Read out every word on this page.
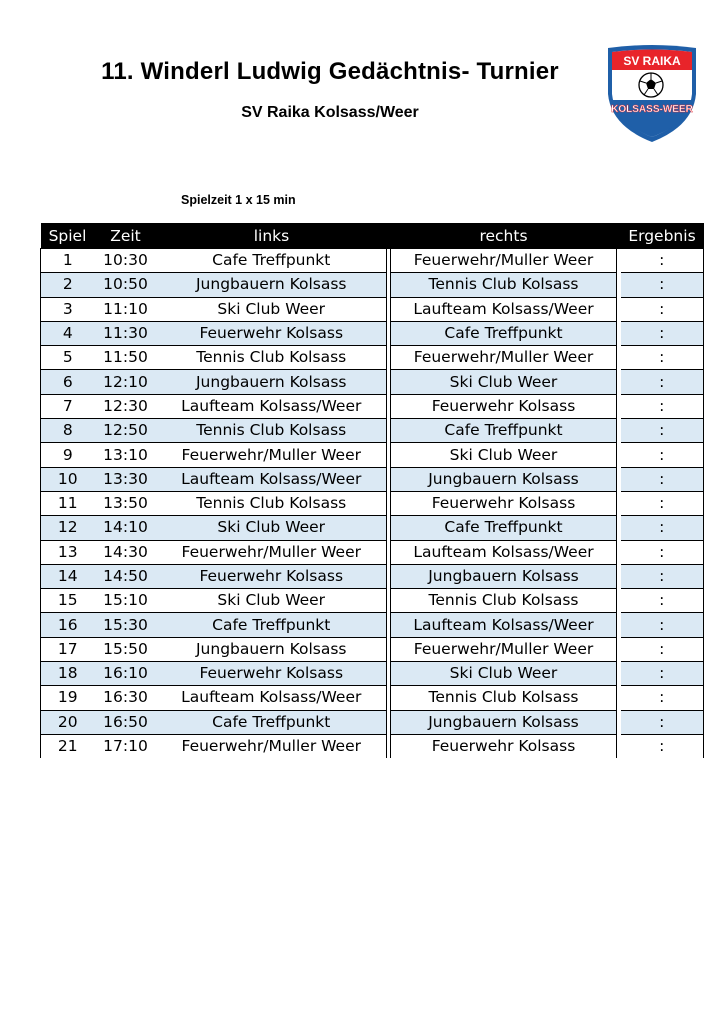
11. Winderl Ludwig Gedächtnis- Turnier
SV Raika Kolsass/Weer
SV RAIKA
KOLSASS-WEER
Spielzeit 1 x 15 min
Spiel	Zeit	links		rechts		Ergebnis
1	10:30	Cafe Treffpunkt		Feuerwehr/Muller Weer		:
2	10:50	Jungbauern Kolsass		Tennis Club Kolsass		:
3	11:10	Ski Club Weer		Laufteam Kolsass/Weer		:
4	11:30	Feuerwehr Kolsass		Cafe Treffpunkt		:
5	11:50	Tennis Club Kolsass		Feuerwehr/Muller Weer		:
6	12:10	Jungbauern Kolsass		Ski Club Weer		:
7	12:30	Laufteam Kolsass/Weer		Feuerwehr Kolsass		:
8	12:50	Tennis Club Kolsass		Cafe Treffpunkt		:
9	13:10	Feuerwehr/Muller Weer		Ski Club Weer		:
10	13:30	Laufteam Kolsass/Weer		Jungbauern Kolsass		:
11	13:50	Tennis Club Kolsass		Feuerwehr Kolsass		:
12	14:10	Ski Club Weer		Cafe Treffpunkt		:
13	14:30	Feuerwehr/Muller Weer		Laufteam Kolsass/Weer		:
14	14:50	Feuerwehr Kolsass		Jungbauern Kolsass		:
15	15:10	Ski Club Weer		Tennis Club Kolsass		:
16	15:30	Cafe Treffpunkt		Laufteam Kolsass/Weer		:
17	15:50	Jungbauern Kolsass		Feuerwehr/Muller Weer		:
18	16:10	Feuerwehr Kolsass		Ski Club Weer		:
19	16:30	Laufteam Kolsass/Weer		Tennis Club Kolsass		:
20	16:50	Cafe Treffpunkt		Jungbauern Kolsass		:
21	17:10	Feuerwehr/Muller Weer		Feuerwehr Kolsass		:
